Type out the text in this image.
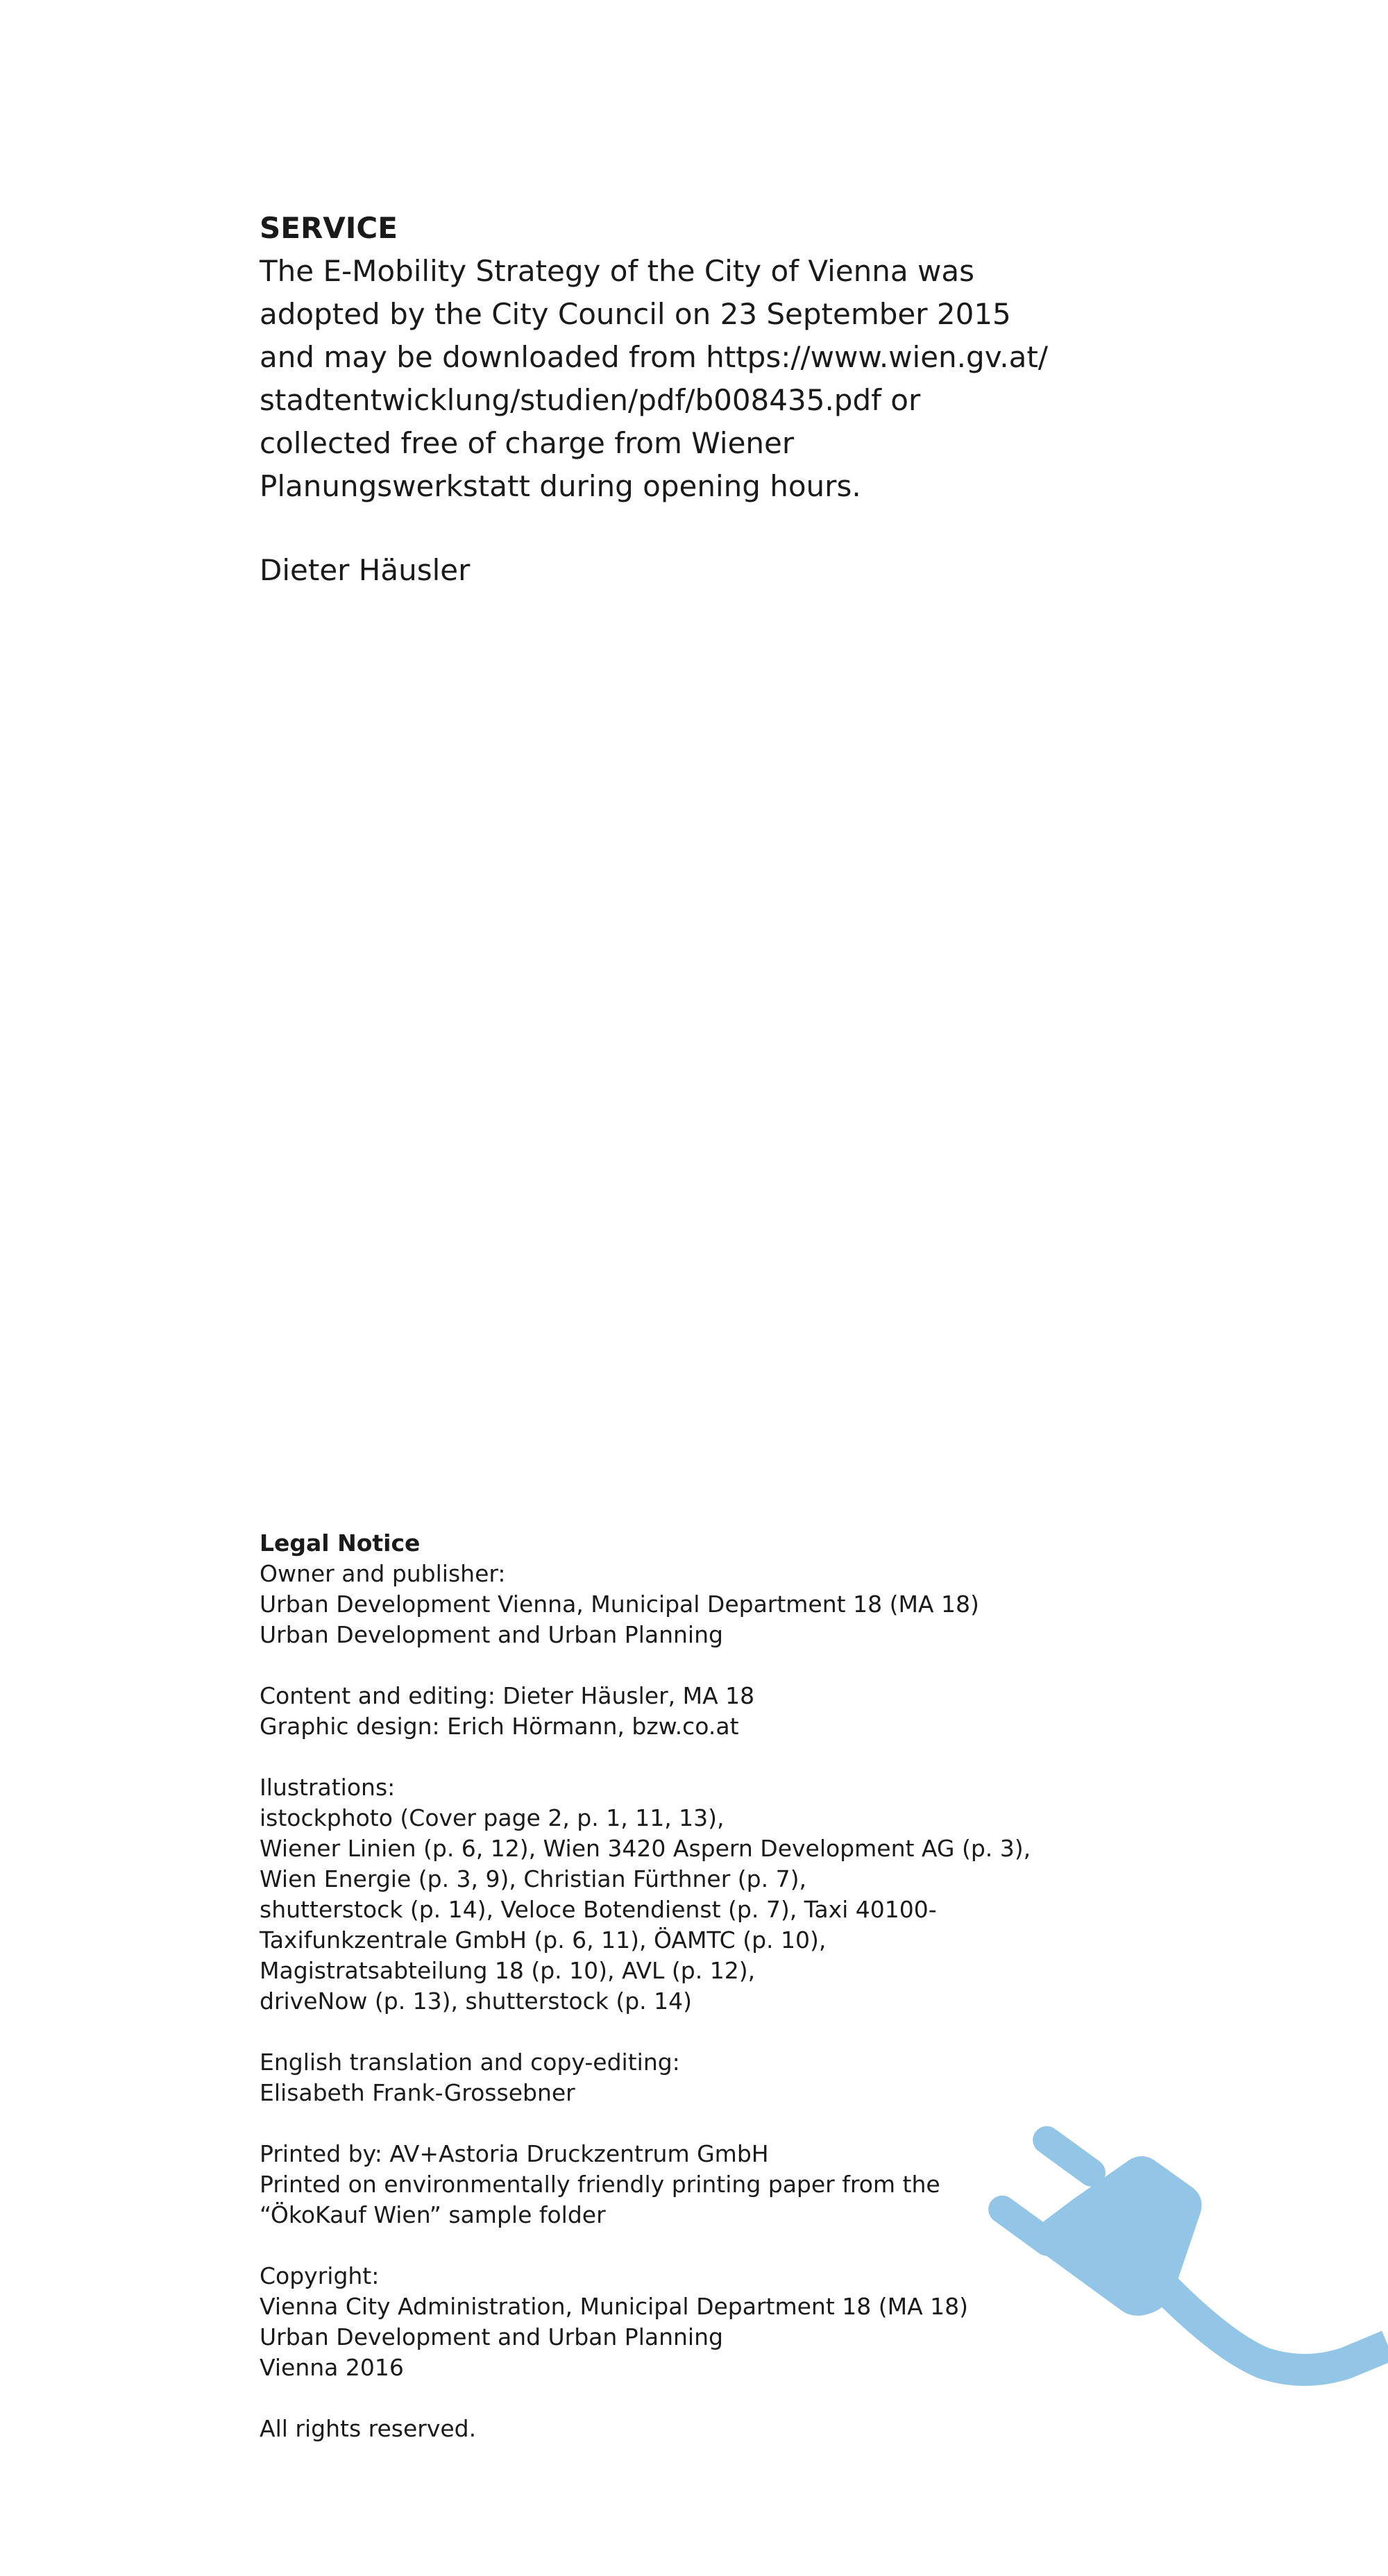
SERVICE

The E-Mobility Strategy of the City of Vienna was

adopted by the City Council on 23 September 2015

and may be downloaded from https://www.wien.gv.at/

stadtentwicklung/studien/pdf/b008435.pdf or

collected free of charge from Wiener

Planungswerkstatt during opening hours.

Dieter Häusler

Legal Notice

Owner and publisher:

Urban Development Vienna, Municipal Department 18 (MA 18)

Urban Development and Urban Planning

Content and editing: Dieter Häusler, MA 18

Graphic design: Erich Hörmann, bzw.co.at

Ilustrations:

istockphoto (Cover page 2, p. 1, 11, 13),

Wiener Linien (p. 6, 12), Wien 3420 Aspern Development AG (p. 3),

Wien Energie (p. 3, 9), Christian Fürthner (p. 7),

shutterstock (p. 14), Veloce Botendienst (p. 7), Taxi 40100-

Taxifunkzentrale GmbH (p. 6, 11), ÖAMTC (p. 10),

Magistratsabteilung 18 (p. 10), AVL (p. 12),

driveNow (p. 13), shutterstock (p. 14)

English translation and copy-editing:

Elisabeth Frank-Grossebner

Printed by: AV+Astoria Druckzentrum GmbH

Printed on environmentally friendly printing paper from the

“ÖkoKauf Wien” sample folder

Copyright:

Vienna City Administration, Municipal Department 18 (MA 18)

Urban Development and Urban Planning

Vienna 2016

All rights reserved.
